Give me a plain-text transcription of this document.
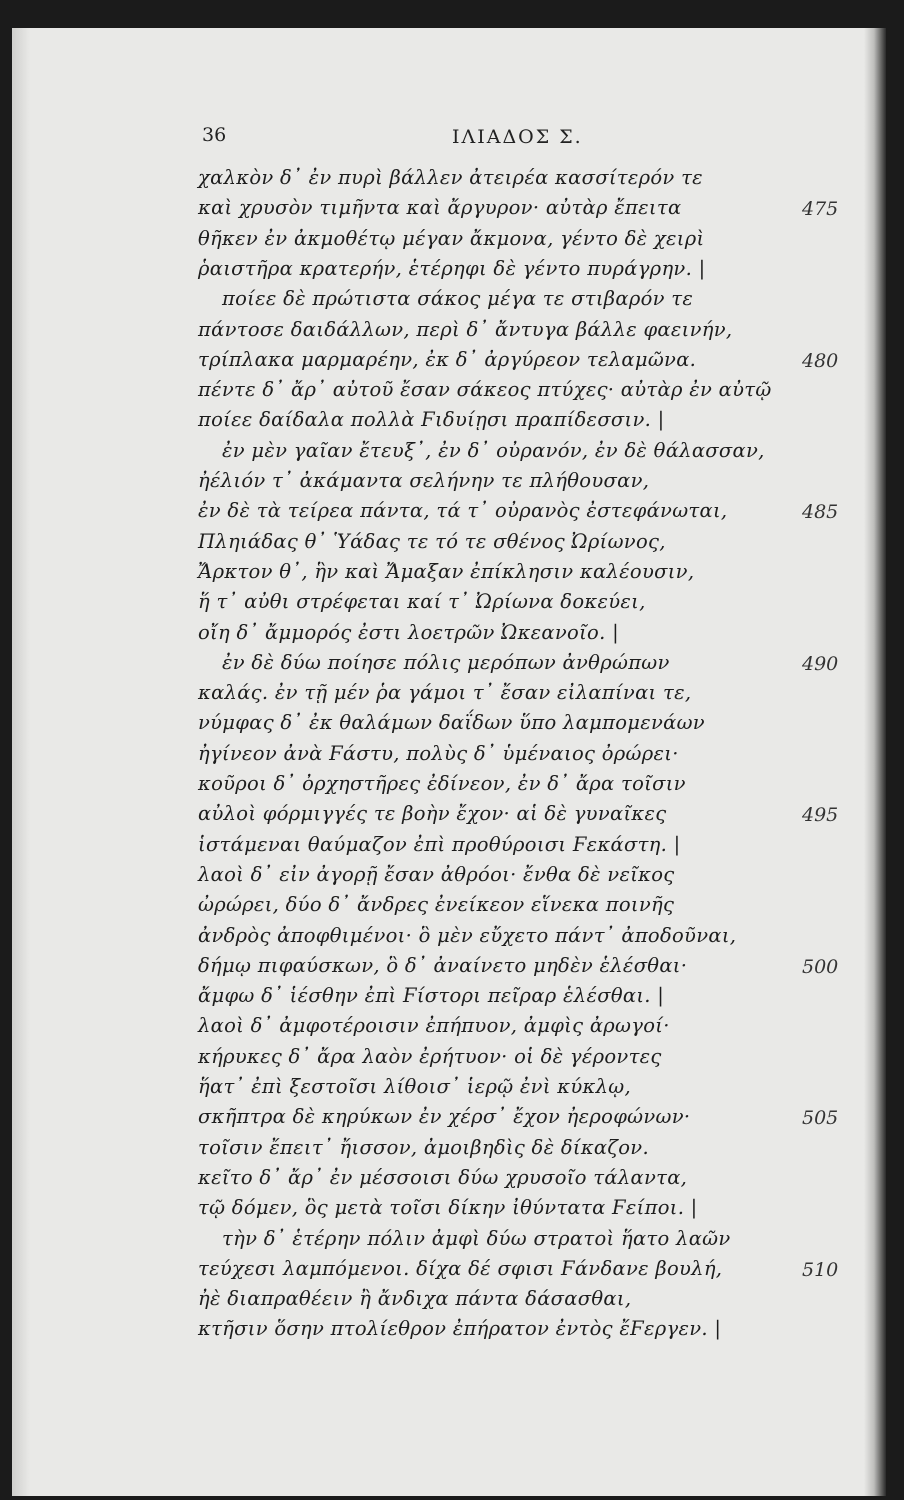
36	ΙΛΙΑΔΟΣ Σ.
χαλκὸν δ᾿ ἐν πυρὶ βάλλεν ἀτειρέα κασσίτερόν τε
καὶ χρυσὸν τιμῆντα καὶ ἄργυρον· αὐτὰρ ἔπειτα	475
θῆκεν ἐν ἀκμοθέτῳ μέγαν ἄκμονα, γέντο δὲ χειρὶ
ῥαιστῆρα κρατερήν, ἑτέρηφι δὲ γέντο πυράγρην. |
ποίεε δὲ πρώτιστα σάκος μέγα τε στιβαρόν τε
πάντοσε δαιδάλλων, περὶ δ᾿ ἄντυγα βάλλε φαεινήν,
τρίπλακα μαρμαρέην, ἐκ δ᾿ ἀργύρεον τελαμῶνα.	480
πέντε δ᾿ ἄρ᾿ αὐτοῦ ἔσαν σάκεος πτύχες· αὐτὰρ ἐν αὐτῷ
ποίεε δαίδαλα πολλὰ Ϝιδυίῃσι πραπίδεσσιν. |
ἐν μὲν γαῖαν ἔτευξ᾿, ἐν δ᾿ οὐρανόν, ἐν δὲ θάλασσαν,
ἠέλιόν τ᾿ ἀκάμαντα σελήνην τε πλήθουσαν,
ἐν δὲ τὰ τείρεα πάντα, τά τ᾿ οὐρανὸς ἐστεφάνωται,	485
Πληιάδας θ᾿ Ὑάδας τε τό τε σθένος Ὠρίωνος,
Ἄρκτον θ᾿, ἣν καὶ Ἄμαξαν ἐπίκλησιν καλέουσιν,
ἥ τ᾿ αὐθι στρέφεται καί τ᾿ Ὠρίωνα δοκεύει,
οἴη δ᾿ ἄμμορός ἐστι λοετρῶν Ὠκεανοῖο. |
ἐν δὲ δύω ποίησε πόλις μερόπων ἀνθρώπων	490
καλάς. ἐν τῇ μέν ῥα γάμοι τ᾿ ἔσαν εἰλαπίναι τε,
νύμφας δ᾿ ἐκ θαλάμων δαΐδων ὕπο λαμπομενάων
ἠγίνεον ἀνὰ Ϝάστυ, πολὺς δ᾿ ὑμέναιος ὀρώρει·
κοῦροι δ᾿ ὀρχηστῆρες ἐδίνεον, ἐν δ᾿ ἄρα τοῖσιν
αὐλοὶ φόρμιγγές τε βοὴν ἔχον· αἱ δὲ γυναῖκες	495
ἱστάμεναι θαύμαζον ἐπὶ προθύροισι Ϝεκάστη. |
λαοὶ δ᾿ εἰν ἀγορῇ ἔσαν ἀθρόοι· ἔνθα δὲ νεῖκος
ὠρώρει, δύο δ᾿ ἄνδρες ἐνείκεον εἵνεκα ποινῆς
ἀνδρὸς ἀποφθιμένοι· ὃ μὲν εὔχετο πάντ᾿ ἀποδοῦναι,
δήμῳ πιφαύσκων, ὃ δ᾿ ἀναίνετο μηδὲν ἑλέσθαι·	500
ἄμφω δ᾿ ἱέσθην ἐπὶ Ϝίστορι πεῖραρ ἑλέσθαι. |
λαοὶ δ᾿ ἀμφοτέροισιν ἐπήπυον, ἀμφὶς ἀρωγοί·
κήρυκες δ᾿ ἄρα λαὸν ἐρήτυον· οἱ δὲ γέροντες
ἥατ᾿ ἐπὶ ξεστοῖσι λίθοισ᾿ ἱερῷ ἐνὶ κύκλῳ,
σκῆπτρα δὲ κηρύκων ἐν χέρσ᾿ ἔχον ἠεροφώνων·	505
τοῖσιν ἔπειτ᾿ ἤισσον, ἀμοιβηδὶς δὲ δίκαζον.
κεῖτο δ᾿ ἄρ᾿ ἐν μέσσοισι δύω χρυσοῖο τάλαντα,
τῷ δόμεν, ὃς μετὰ τοῖσι δίκην ἰθύντατα Ϝείποι. |
τὴν δ᾿ ἑτέρην πόλιν ἀμφὶ δύω στρατοὶ ἥατο λαῶν
τεύχεσι λαμπόμενοι. δίχα δέ σφισι Ϝάνδανε βουλή,	510
ἠὲ διαπραθέειν ἢ ἄνδιχα πάντα δάσασθαι,
κτῆσιν ὅσην πτολίεθρον ἐπήρατον ἐντὸς ἔϜεργεν. |
